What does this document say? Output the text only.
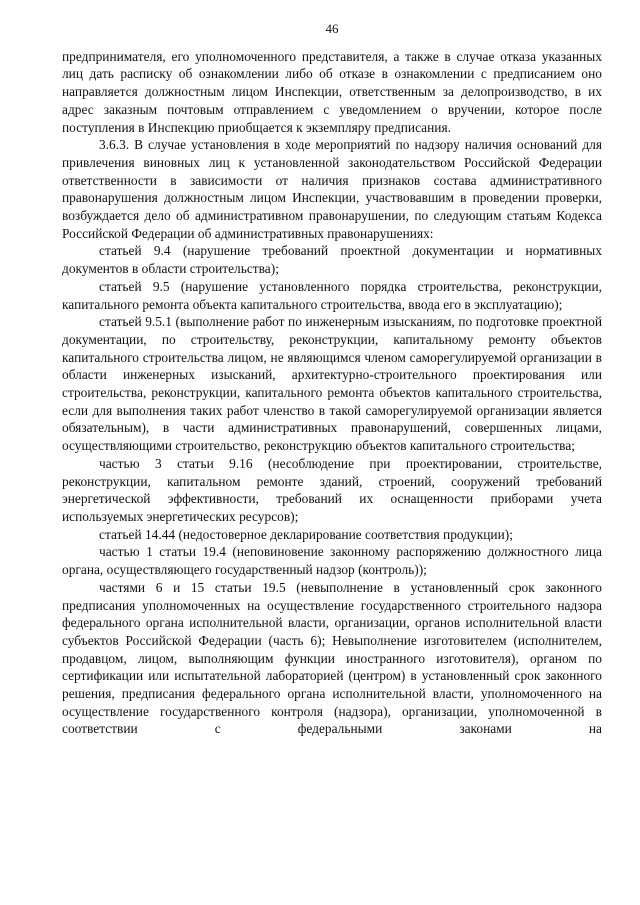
46

предпринимателя, его уполномоченного представителя, а также в случае отказа указанных лиц дать расписку об ознакомлении либо об отказе в ознакомлении с предписанием оно направляется должностным лицом Инспекции, ответственным за делопроизводство, в их адрес заказным почтовым отправлением с уведомлением о вручении, которое после поступления в Инспекцию приобщается к экземпляру предписания.

3.6.3. В случае установления в ходе мероприятий по надзору наличия оснований для привлечения виновных лиц к установленной законодательством Российской Федерации ответственности в зависимости от наличия признаков состава административного правонарушения должностным лицом Инспекции, участвовавшим в проведении проверки, возбуждается дело об административном правонарушении, по следующим статьям Кодекса Российской Федерации об административных правонарушениях:

статьей 9.4 (нарушение требований проектной документации и нормативных документов в области строительства);

статьей 9.5 (нарушение установленного порядка строительства, реконструкции, капитального ремонта объекта капитального строительства, ввода его в эксплуатацию);

статьей 9.5.1 (выполнение работ по инженерным изысканиям, по подготовке проектной документации, по строительству, реконструкции, капитальному ремонту объектов капитального строительства лицом, не являющимся членом саморегулируемой организации в области инженерных изысканий, архитектурно-строительного проектирования или строительства, реконструкции, капитального ремонта объектов капитального строительства, если для выполнения таких работ членство в такой саморегулируемой организации является обязательным), в части административных правонарушений, совершенных лицами, осуществляющими строительство, реконструкцию объектов капитального строительства;

частью 3 статьи 9.16 (несоблюдение при проектировании, строительстве, реконструкции, капитальном ремонте зданий, строений, сооружений требований энергетической эффективности, требований их оснащенности приборами учета используемых энергетических ресурсов);

статьей 14.44 (недостоверное декларирование соответствия продукции);

частью 1 статьи 19.4 (неповиновение законному распоряжению должностного лица органа, осуществляющего государственный надзор (контроль));

частями 6 и 15 статьи 19.5 (невыполнение в установленный срок законного предписания уполномоченных на осуществление государственного строительного надзора федерального органа исполнительной власти, организации, органов исполнительной власти субъектов Российской Федерации (часть 6); Невыполнение изготовителем (исполнителем, продавцом, лицом, выполняющим функции иностранного изготовителя), органом по сертификации или испытательной лабораторией (центром) в установленный срок законного решения, предписания федерального органа исполнительной власти, уполномоченного на осуществление государственного контроля (надзора), организации, уполномоченной в соответствии с федеральными законами на
